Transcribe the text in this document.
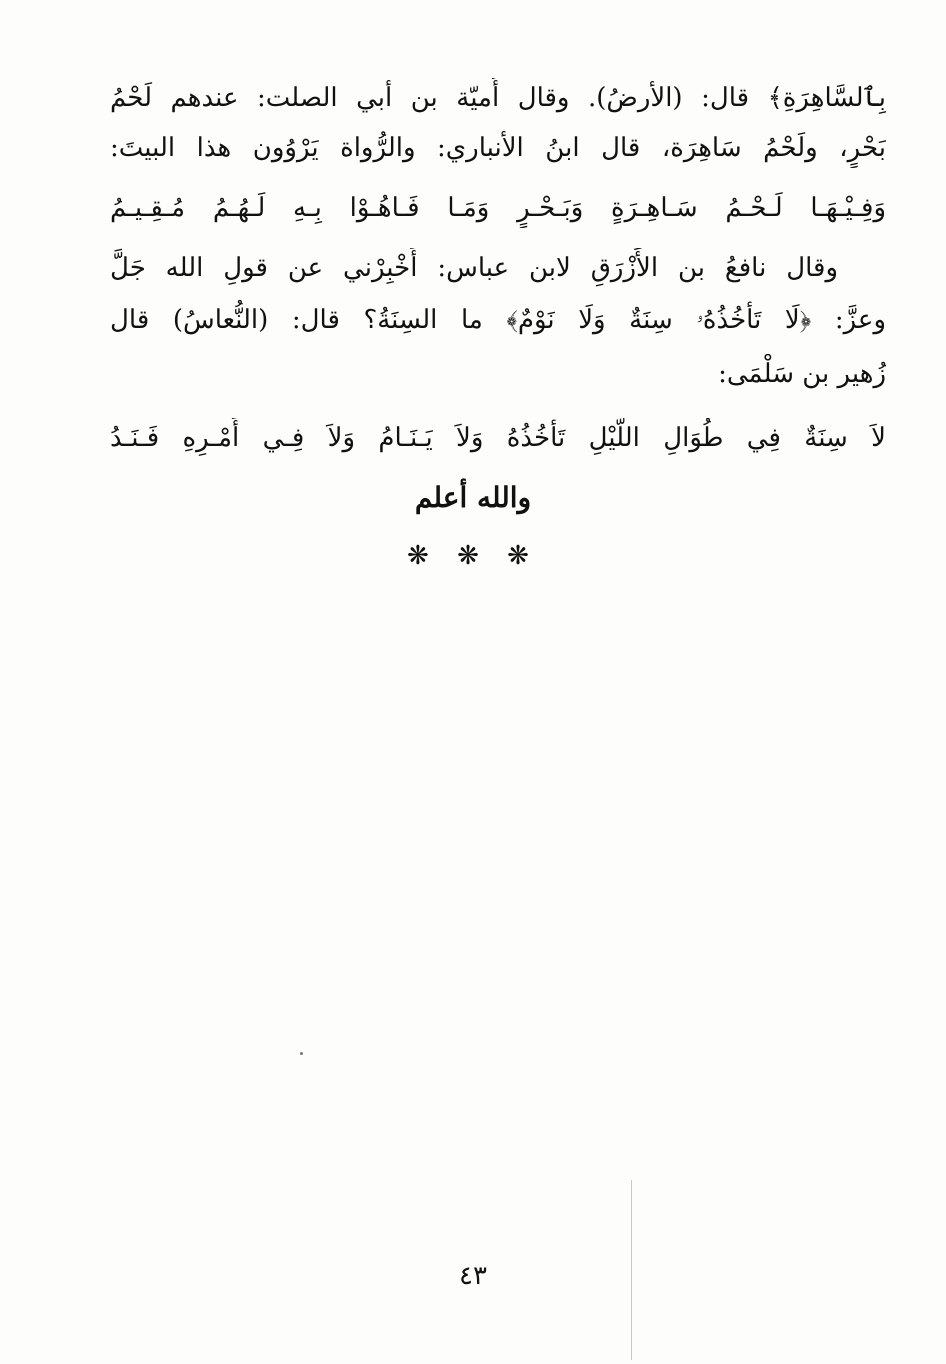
بِٱلسَّاهِرَةِ﴾ قال: (الأرضُ). وقال أُميّة بن أبي الصلت: عندهم لَحْمُ
بَحْرٍ، ولَحْمُ سَاهِرَة، قال ابنُ الأنباري: والرُّواة يَرْوُون هذا البيتَ:
وَفِـيْـهَـا لَـحْـمُ سَـاهِـرَةٍ وَبَـحْـرٍ وَمَـا فَـاهُـوْا بِـهِ لَـهُـمُ مُـقِـيـمُ
وقال نافعُ بن الأَزْرَقِ لابن عباس: أَخْبِرْني عن قولِ الله جَلَّ
وعزَّ: ﴿لَا تَأْخُذُهُۥ سِنَةٌ وَلَا نَوْمٌ﴾ ما السِنَةُ؟ قال: (النُّعاسُ) قال
زُهير بن سَلْمَى:
لاَ سِنَةٌ فِي طُوَالِ اللَّيْلِ تَأْخُذُهُ وَلاَ يَـنَـامُ وَلاَ فِـي أَمْـرِهِ فَـنَـدُ
والله أعلم
❋ ❋ ❋
٤٣
